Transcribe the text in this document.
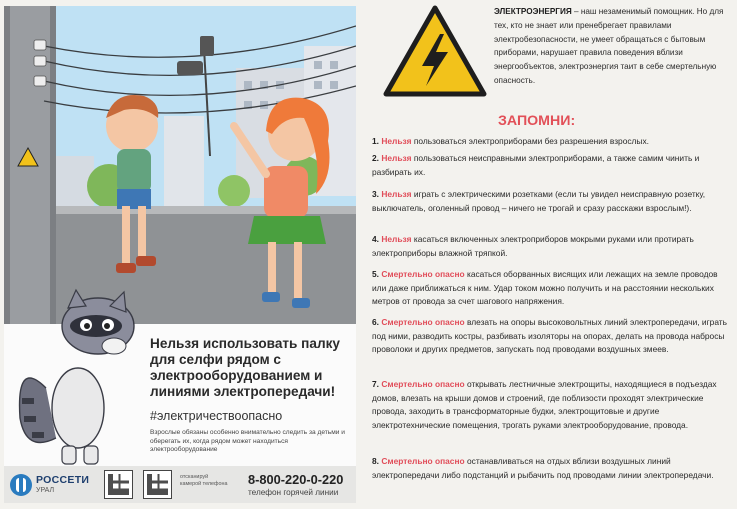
Нельзя использовать палку для селфи рядом с электрооборудованием и линиями электропередачи!
#электричествоопасно
Взрослые обязаны особенно внимательно следить за детьми и оберегать их, когда рядом может находиться электрооборудование
РОССЕТИ
УРАЛ
отсканируй камерой телефона 8-800-220-0-220
телефон горячей линии
ЭЛЕКТРОЭНЕРГИЯ – наш незаменимый помощник. Но для тех, кто не знает или пренебрегает правилами электробезопасности, не умеет обращаться с бытовым приборами, нарушает правила поведения вблизи энергообъектов, электроэнергия таит в себе смертельную опасность.
ЗАПОМНИ:
1. Нельзя пользоваться электроприборами без разрешения взрослых.
2. Нельзя пользоваться неисправными электроприборами, а также самим чинить и разбирать их.
3. Нельзя играть с электрическими розетками (если ты увидел неисправную розетку, выключатель, оголенный провод – ничего не трогай и сразу расскажи взрослым!).
4. Нельзя касаться включенных электроприборов мокрыми руками или протирать электроприборы влажной тряпкой.
5. Смертельно опасно касаться оборванных висящих или лежащих на земле проводов или даже приближаться к ним. Удар током можно получить и на расстоянии нескольких метров от провода за счет шагового напряжения.
6. Смертельно опасно влезать на опоры высоковольтных линий электропередачи, играть под ними, разводить костры, разбивать изоляторы на опорах, делать на провода набросы проволоки и других предметов, запускать под проводами воздушных змеев.
7. Смертельно опасно открывать лестничные электрощиты, находящиеся в подъездах домов, влезать на крыши домов и строений, где поблизости проходят электрические провода, заходить в трансформаторные будки, электрощитовые и другие электротехнические помещения, трогать руками электрооборудование, провода.
8. Смертельно опасно останавливаться на отдых вблизи воздушных линий электропередачи либо подстанций и рыбачить под проводами линии электропередачи.
